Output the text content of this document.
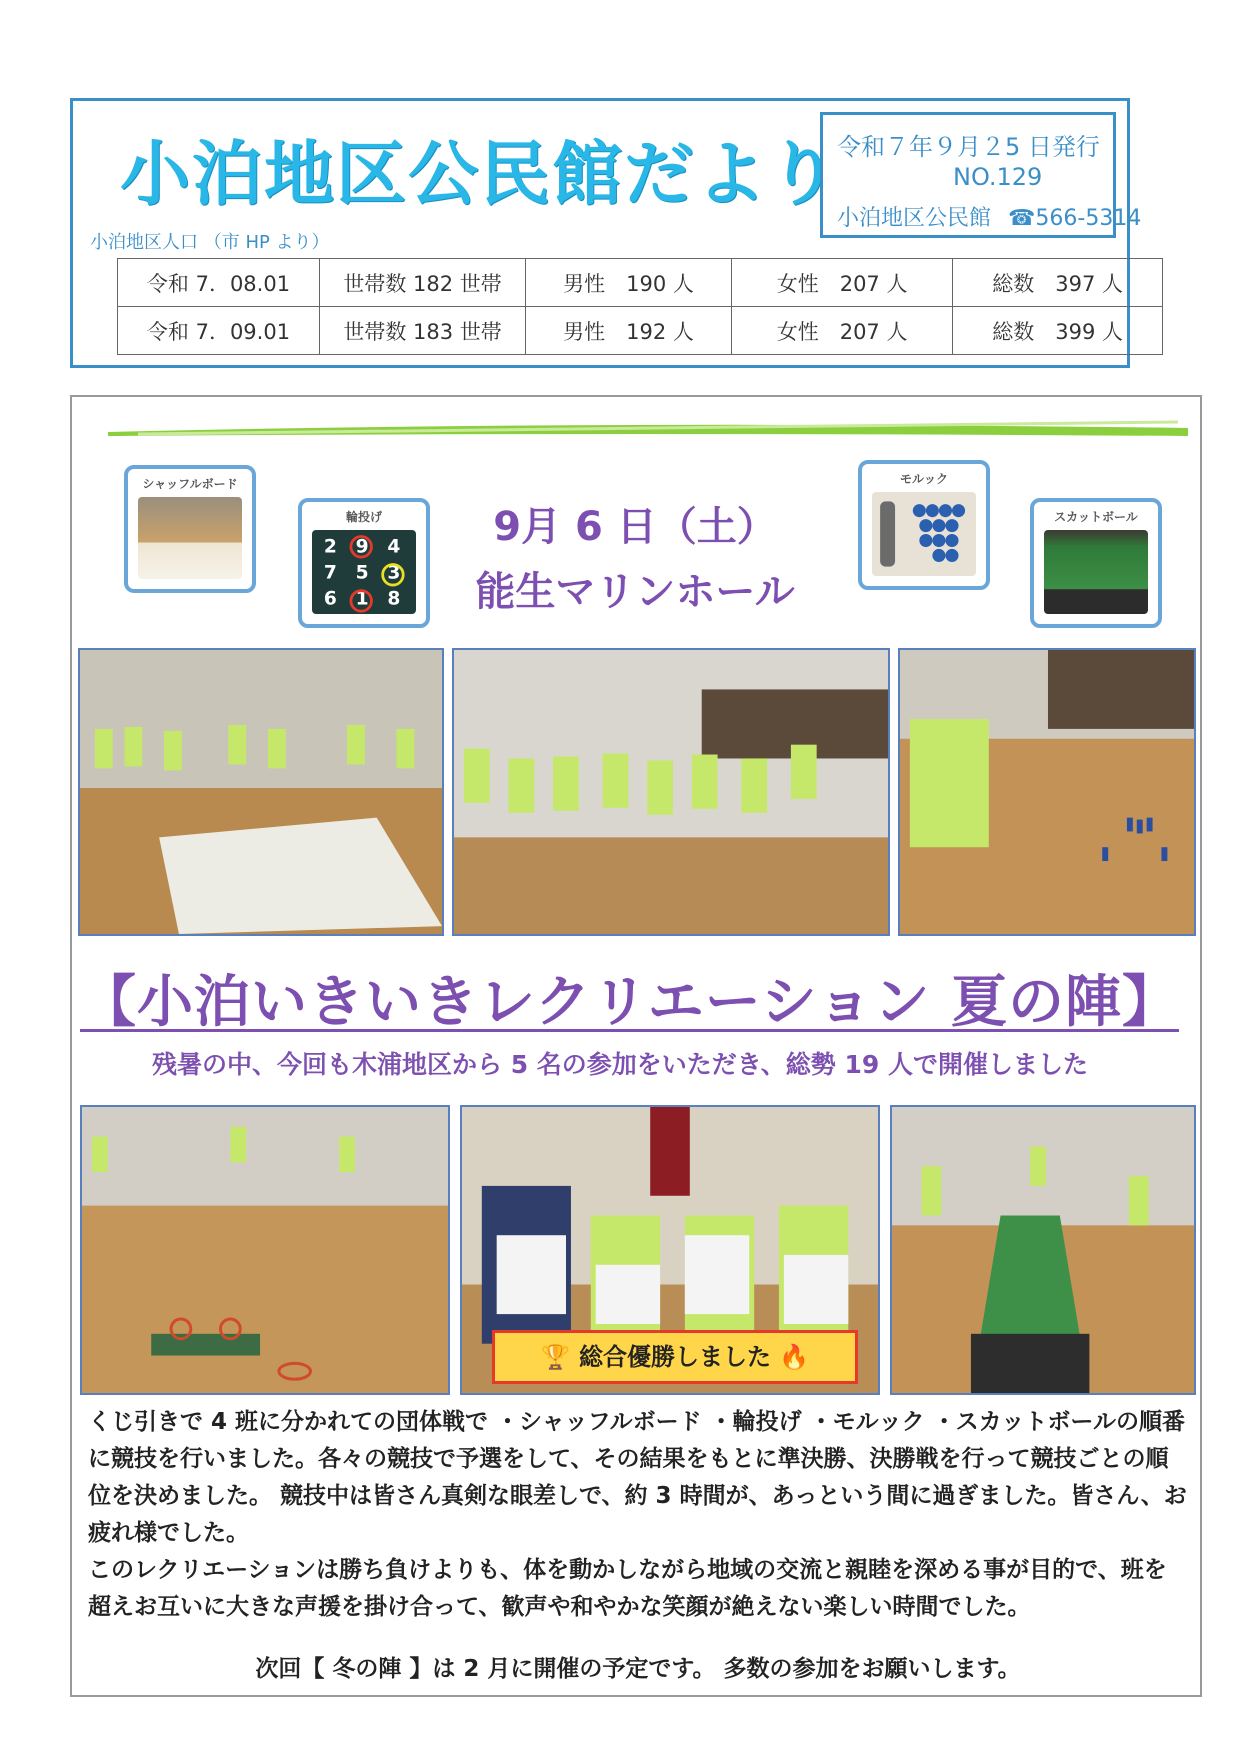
小泊地区公民館だより
令和７年９月２5 日発行
NO.129
小泊地区公民館 ☎566-5314
小泊地区人口 （市 HP より）
令和 7．08.01	世帯数 182 世帯	男性　190 人	女性　207 人	総数　397 人
令和 7．09.01	世帯数 183 世帯	男性　192 人	女性　207 人	総数　399 人
シャッフルボード
輪投げ
2 9 4
7 5 3
6 1 8
モルック
スカットボール
9月 6 日（土）
能生マリンホール
【小泊いきいきレクリエーション 夏の陣】
残暑の中、今回も木浦地区から 5 名の参加をいただき、総勢 19 人で開催しました
🏆 総合優勝しました 🔥
くじ引きで 4 班に分かれての団体戦で ・シャッフルボード ・輪投げ ・モルック ・スカットボールの順番に競技を行いました。各々の競技で予選をして、その結果をもとに準決勝、決勝戦を行って競技ごとの順位を決めました。 競技中は皆さん真剣な眼差しで、約 3 時間が、あっという間に過ぎました。皆さん、お疲れ様でした。
このレクリエーションは勝ち負けよりも、体を動かしながら地域の交流と親睦を深める事が目的で、班を超えお互いに大きな声援を掛け合って、歓声や和やかな笑顔が絶えない楽しい時間でした。
次回【 冬の陣 】は 2 月に開催の予定です。 多数の参加をお願いします。
